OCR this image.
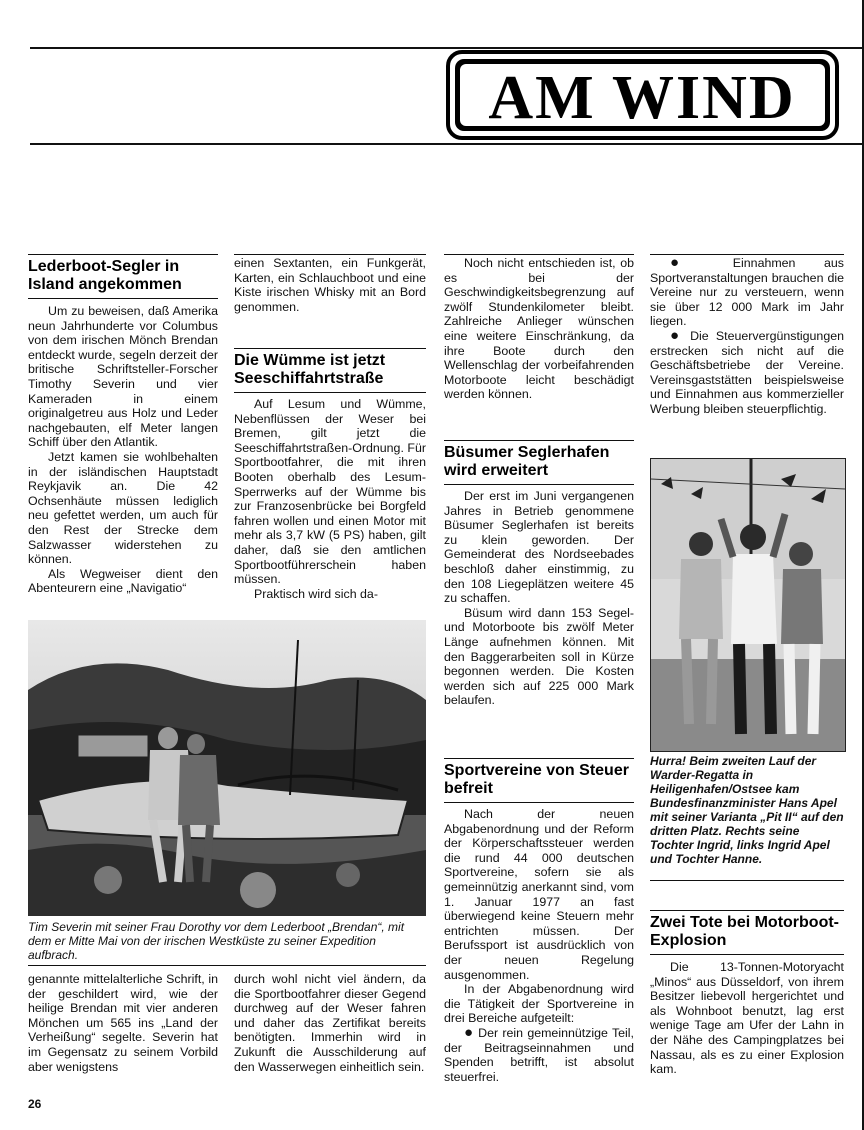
AM WIND
Lederboot-Segler in Island angekommen

Um zu beweisen, daß Amerika neun Jahrhunderte vor Columbus von dem irischen Mönch Brendan entdeckt wurde, segeln derzeit der britische Schriftsteller-Forscher Timothy Severin und vier Kameraden in einem originalgetreu aus Holz und Leder nachgebauten, elf Meter langen Schiff über den Atlantik.

Jetzt kamen sie wohlbehalten in der isländischen Hauptstadt Reykjavik an. Die 42 Ochsenhäute müssen lediglich neu gefettet werden, um auch für den Rest der Strecke dem Salzwasser widerstehen zu können.

Als Wegweiser dient den Abenteurern eine „Navigatio“

einen Sextanten, ein Funkgerät, Karten, ein Schlauchboot und eine Kiste irischen Whisky mit an Bord genommen.

Die Wümme ist jetzt Seeschiffahrtstraße

Auf Lesum und Wümme, Nebenflüssen der Weser bei Bremen, gilt jetzt die Seeschiffahrtstraßen-Ordnung. Für Sportbootfahrer, die mit ihren Booten oberhalb des Lesum-Sperrwerks auf der Wümme bis zur Franzosenbrücke bei Borgfeld fahren wollen und einen Motor mit mehr als 3,7 kW (5 PS) haben, gilt daher, daß sie den amtlichen Sportbootführerschein haben müssen.

Praktisch wird sich da-

Tim Severin mit seiner Frau Dorothy vor dem Lederboot „Brendan“, mit dem er Mitte Mai von der irischen Westküste zu seiner Expedition aufbrach.

genannte mittelalterliche Schrift, in der geschildert wird, wie der heilige Brendan mit vier anderen Mönchen um 565 ins „Land der Verheißung“ segelte. Severin hat im Gegensatz zu seinem Vorbild aber wenigstens

durch wohl nicht viel ändern, da die Sportbootfahrer dieser Gegend durchweg auf der Weser fahren und daher das Zertifikat bereits benötigten. Immerhin wird in Zukunft die Ausschilderung auf den Wasserwegen einheitlich sein.

Noch nicht entschieden ist, ob es bei der Geschwindigkeitsbegrenzung auf zwölf Stundenkilometer bleibt. Zahlreiche Anlieger wünschen eine weitere Einschränkung, da ihre Boote durch den Wellenschlag der vorbeifahrenden Motorboote leicht beschädigt werden können.

Büsumer Seglerhafen wird erweitert

Der erst im Juni vergangenen Jahres in Betrieb genommene Büsumer Seglerhafen ist bereits zu klein geworden. Der Gemeinderat des Nordseebades beschloß daher einstimmig, zu den 108 Liegeplätzen weitere 45 zu schaffen.

Büsum wird dann 153 Segel- und Motorboote bis zwölf Meter Länge aufnehmen können. Mit den Baggerarbeiten soll in Kürze begonnen werden. Die Kosten werden sich auf 225 000 Mark belaufen.

Sportvereine von Steuer befreit

Nach der neuen Abgabenordnung und der Reform der Körperschaftssteuer werden die rund 44 000 deutschen Sportvereine, sofern sie als gemeinnützig anerkannt sind, vom 1. Januar 1977 an fast überwiegend keine Steuern mehr entrichten müssen. Der Berufssport ist ausdrücklich von der neuen Regelung ausgenommen.

In der Abgabenordnung wird die Tätigkeit der Sportvereine in drei Bereiche aufgeteilt:

● Der rein gemeinnützige Teil, der Beitragseinnahmen und Spenden betrifft, ist absolut steuerfrei.

● Einnahmen aus Sportveranstaltungen brauchen die Vereine nur zu versteuern, wenn sie über 12 000 Mark im Jahr liegen.

● Die Steuervergünstigungen erstrecken sich nicht auf die Geschäftsbetriebe der Vereine. Vereinsgaststätten beispielsweise und Einnahmen aus kommerzieller Werbung bleiben steuerpflichtig.

Hurra! Beim zweiten Lauf der Warder-Regatta in Heiligenhafen/Ostsee kam Bundesfinanzminister Hans Apel mit seiner Varianta „Pit II“ auf den dritten Platz. Rechts seine Tochter Ingrid, links Ingrid Apel und Tochter Hanne.
Zwei Tote bei Motorboot-Explosion

Die 13-Tonnen-Motoryacht „Minos“ aus Düsseldorf, von ihrem Besitzer liebevoll hergerichtet und als Wohnboot benutzt, lag erst wenige Tage am Ufer der Lahn in der Nähe des Campingplatzes bei Nassau, als es zu einer Explosion kam.

26
